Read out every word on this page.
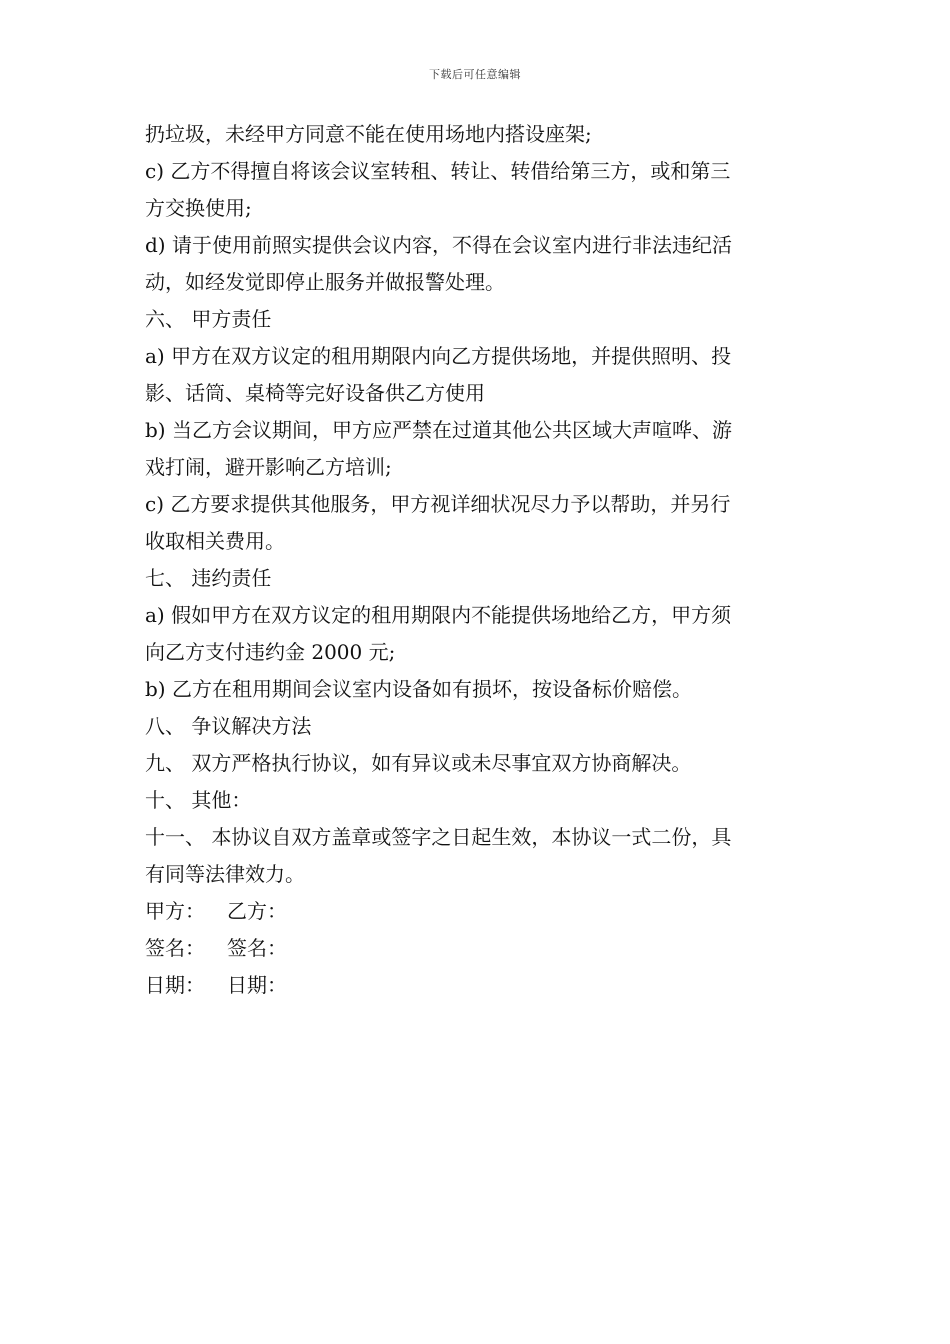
下载后可任意编辑
扔垃圾，未经甲方同意不能在使用场地内搭设座架;
c) 乙方不得擅自将该会议室转租、转让、转借给第三方，或和第三
方交换使用;
d) 请于使用前照实提供会议内容，不得在会议室内进行非法违纪活
动，如经发觉即停止服务并做报警处理。
六、 甲方责任
a) 甲方在双方议定的租用期限内向乙方提供场地，并提供照明、投
影、话筒、桌椅等完好设备供乙方使用
b) 当乙方会议期间，甲方应严禁在过道其他公共区域大声喧哗、游
戏打闹，避开影响乙方培训;
c) 乙方要求提供其他服务，甲方视详细状况尽力予以帮助，并另行
收取相关费用。
七、 违约责任
a) 假如甲方在双方议定的租用期限内不能提供场地给乙方，甲方须
向乙方支付违约金 2000 元;
b) 乙方在租用期间会议室内设备如有损坏，按设备标价赔偿。
八、 争议解决方法
九、 双方严格执行协议，如有异议或未尽事宜双方协商解决。
十、 其他：
十一、 本协议自双方盖章或签字之日起生效，本协议一式二份，具
有同等法律效力。
甲方： 乙方：
签名： 签名：
日期： 日期：
